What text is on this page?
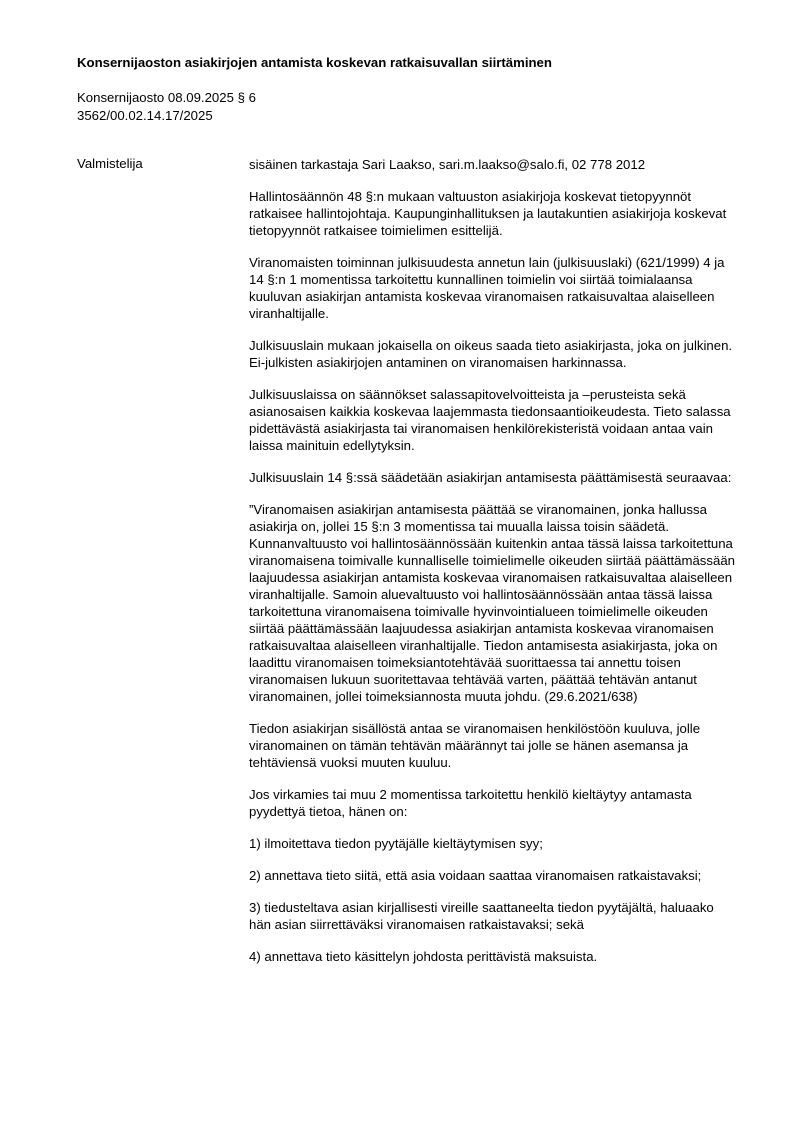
Konsernijaoston asiakirjojen antamista koskevan ratkaisuvallan siirtäminen
Konsernijaosto 08.09.2025 § 6
3562/00.02.14.17/2025
Valmistelija	sisäinen tarkastaja Sari Laakso, sari.m.laakso@salo.fi, 02 778 2012

Hallintosäännön 48 §:n mukaan valtuuston asiakirjoja koskevat tietopyynnöt ratkaisee hallintojohtaja. Kaupunginhallituksen ja lautakuntien asiakirjoja koskevat tietopyynnöt ratkaisee toimielimen esittelijä.

Viranomaisten toiminnan julkisuudesta annetun lain (julkisuuslaki) (621/1999) 4 ja 14 §:n 1 momentissa tarkoitettu kunnallinen toimielin voi siirtää toimialaansa kuuluvan asiakirjan antamista koskevaa viranomaisen ratkaisuvaltaa alaiselleen viranhaltijalle.

Julkisuuslain mukaan jokaisella on oikeus saada tieto asiakirjasta, joka on julkinen. Ei-julkisten asiakirjojen antaminen on viranomaisen harkinnassa.

Julkisuuslaissa on säännökset salassapitovelvoitteista ja –perusteista sekä asianosaisen kaikkia koskevaa laajemmasta tiedonsaantioikeudesta. Tieto salassa pidettävästä asiakirjasta tai viranomaisen henkilörekisteristä voidaan antaa vain laissa mainituin edellytyksin.

Julkisuuslain 14 §:ssä säädetään asiakirjan antamisesta päättämisestä seuraavaa:

”Viranomaisen asiakirjan antamisesta päättää se viranomainen, jonka hallussa asiakirja on, jollei 15 §:n 3 momentissa tai muualla laissa toisin säädetä. Kunnanvaltuusto voi hallintosäännössään kuitenkin antaa tässä laissa tarkoitettuna viranomaisena toimivalle kunnalliselle toimielimelle oikeuden siirtää päättämässään laajuudessa asiakirjan antamista koskevaa viranomaisen ratkaisuvaltaa alaiselleen viranhaltijalle. Samoin aluevaltuusto voi hallintosäännössään antaa tässä laissa tarkoitettuna viranomaisena toimivalle hyvinvointialueen toimielimelle oikeuden siirtää päättämässään laajuudessa asiakirjan antamista koskevaa viranomaisen ratkaisuvaltaa alaiselleen viranhaltijalle. Tiedon antamisesta asiakirjasta, joka on laadittu viranomaisen toimeksiantotehtävää suorittaessa tai annettu toisen viranomaisen lukuun suoritettavaa tehtävää varten, päättää tehtävän antanut viranomainen, jollei toimeksiannosta muuta johdu. (29.6.2021/638)

Tiedon asiakirjan sisällöstä antaa se viranomaisen henkilöstöön kuuluva, jolle viranomainen on tämän tehtävän määrännyt tai jolle se hänen asemansa ja tehtäviensä vuoksi muuten kuuluu.

Jos virkamies tai muu 2 momentissa tarkoitettu henkilö kieltäytyy antamasta pyydettyä tietoa, hänen on:

1) ilmoitettava tiedon pyytäjälle kieltäytymisen syy;

2) annettava tieto siitä, että asia voidaan saattaa viranomaisen ratkaistavaksi;

3) tiedusteltava asian kirjallisesti vireille saattaneelta tiedon pyytäjältä, haluaako hän asian siirrettäväksi viranomaisen ratkaistavaksi; sekä

4) annettava tieto käsittelyn johdosta perittävistä maksuista.
